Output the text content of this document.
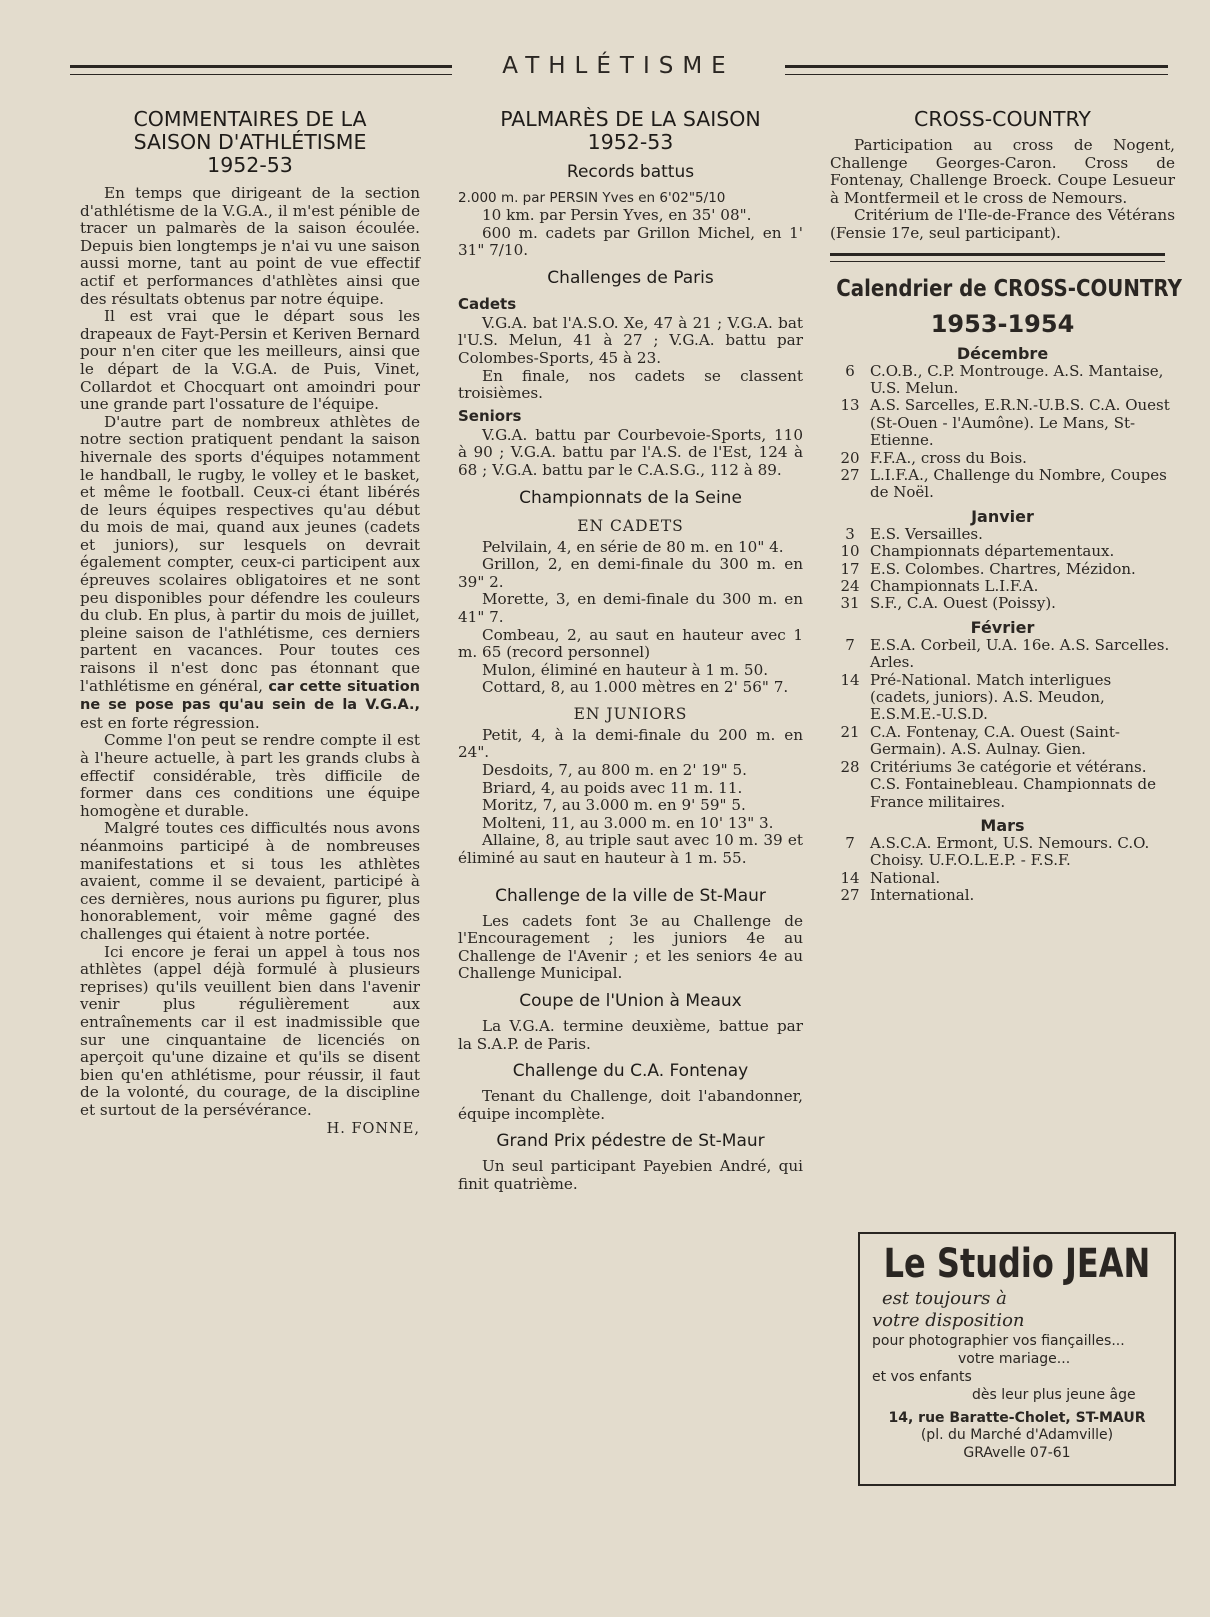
ATHLÉTISME
COMMENTAIRES DE LA
SAISON D'ATHLÉTISME
1952-53

En temps que dirigeant de la section d'athlétisme de la V.G.A., il m'est pénible de tracer un palmarès de la saison écoulée. Depuis bien longtemps je n'ai vu une saison aussi morne, tant au point de vue effectif actif et performances d'athlètes ainsi que des résultats obtenus par notre équipe.

Il est vrai que le départ sous les drapeaux de Fayt-Persin et Keriven Bernard pour n'en citer que les meilleurs, ainsi que le départ de la V.G.A. de Puis, Vinet, Collardot et Chocquart ont amoindri pour une grande part l'ossature de l'équipe.

D'autre part de nombreux athlètes de notre section pratiquent pendant la saison hivernale des sports d'équipes notamment le handball, le rugby, le volley et le basket, et même le football. Ceux-ci étant libérés de leurs équipes respectives qu'au début du mois de mai, quand aux jeunes (cadets et juniors), sur lesquels on devrait également compter, ceux-ci participent aux épreuves scolaires obligatoires et ne sont peu disponibles pour défendre les couleurs du club. En plus, à partir du mois de juillet, pleine saison de l'athlétisme, ces derniers partent en vacances. Pour toutes ces raisons il n'est donc pas étonnant que l'athlétisme en général, car cette situation ne se pose pas qu'au sein de la V.G.A., est en forte régression.

Comme l'on peut se rendre compte il est à l'heure actuelle, à part les grands clubs à effectif considérable, très difficile de former dans ces conditions une équipe homogène et durable.

Malgré toutes ces difficultés nous avons néanmoins participé à de nombreuses manifestations et si tous les athlètes avaient, comme il se devaient, participé à ces dernières, nous aurions pu figurer, plus honorablement, voir même gagné des challenges qui étaient à notre portée.

Ici encore je ferai un appel à tous nos athlètes (appel déjà formulé à plusieurs reprises) qu'ils veuillent bien dans l'avenir venir plus régulièrement aux entraînements car il est inadmissible que sur une cinquantaine de licenciés on aperçoit qu'une dizaine et qu'ils se disent bien qu'en athlétisme, pour réussir, il faut de la volonté, du courage, de la discipline et surtout de la persévérance.

H. FONNE,
PALMARÈS DE LA SAISON
1952-53
Records battus

2.000 m. par PERSIN Yves en 6'02"5/10

10 km. par Persin Yves, en 35' 08".

600 m. cadets par Grillon Michel, en 1' 31" 7/10.

Challenges de Paris
Cadets

V.G.A. bat l'A.S.O. Xe, 47 à 21 ; V.G.A. bat l'U.S. Melun, 41 à 27 ; V.G.A. battu par Colombes-Sports, 45 à 23.

En finale, nos cadets se classent troisièmes.

Seniors

V.G.A. battu par Courbevoie-Sports, 110 à 90 ; V.G.A. battu par l'A.S. de l'Est, 124 à 68 ; V.G.A. battu par le C.A.S.G., 112 à 89.

Championnats de la Seine
EN CADETS

Pelvilain, 4, en série de 80 m. en 10" 4.

Grillon, 2, en demi-finale du 300 m. en 39" 2.

Morette, 3, en demi-finale du 300 m. en 41" 7.

Combeau, 2, au saut en hauteur avec 1 m. 65 (record personnel)

Mulon, éliminé en hauteur à 1 m. 50.

Cottard, 8, au 1.000 mètres en 2' 56" 7.

EN JUNIORS

Petit, 4, à la demi-finale du 200 m. en 24".

Desdoits, 7, au 800 m. en 2' 19" 5.

Briard, 4, au poids avec 11 m. 11.

Moritz, 7, au 3.000 m. en 9' 59" 5.

Molteni, 11, au 3.000 m. en 10' 13" 3.

Allaine, 8, au triple saut avec 10 m. 39 et éliminé au saut en hauteur à 1 m. 55.

Challenge de la ville de St-Maur

Les cadets font 3e au Challenge de l'Encouragement ; les juniors 4e au Challenge de l'Avenir ; et les seniors 4e au Challenge Municipal.

Coupe de l'Union à Meaux

La V.G.A. termine deuxième, battue par la S.A.P. de Paris.

Challenge du C.A. Fontenay

Tenant du Challenge, doit l'abandonner, équipe incomplète.

Grand Prix pédestre de St-Maur

Un seul participant Payebien André, qui finit quatrième.

CROSS-COUNTRY

Participation au cross de Nogent, Challenge Georges-Caron. Cross de Fontenay, Challenge Broeck. Coupe Lesueur à Montfermeil et le cross de Nemours.

Critérium de l'Ile-de-France des Vétérans (Fensie 17e, seul participant).

Calendrier de CROSS-COUNTRY
1953-1954
Décembre
6	C.O.B., C.P. Montrouge. A.S. Mantaise, U.S. Melun.
13 A.S. Sarcelles, E.R.N.-U.B.S. C.A. Ouest (St-Ouen - l'Aumône). Le Mans, St-Etienne.
20 F.F.A., cross du Bois.
27 L.I.F.A., Challenge du Nombre, Coupes de Noël.
Janvier
3	E.S. Versailles.
10 Championnats départementaux.
17 E.S. Colombes. Chartres, Mézidon.
24 Championnats L.I.F.A.
31 S.F., C.A. Ouest (Poissy).
Février
7	E.S.A. Corbeil, U.A. 16e. A.S. Sarcelles. Arles.
14 Pré-National. Match interligues (cadets, juniors). A.S. Meudon, E.S.M.E.-U.S.D.
21 C.A. Fontenay, C.A. Ouest (Saint-Germain). A.S. Aulnay. Gien.
28 Critériums 3e catégorie et vétérans. C.S. Fontainebleau. Championnats de France militaires.
Mars
7	A.S.C.A. Ermont, U.S. Nemours. C.O. Choisy. U.F.O.L.E.P. - F.S.F.
14 National.
27 International.
Le Studio JEAN
est toujours à
votre disposition
pour photographier vos fiançailles...
votre mariage...
et vos enfants
dès leur plus jeune âge
14, rue Baratte-Cholet, ST-MAUR
(pl. du Marché d'Adamville)
GRAvelle 07-61
